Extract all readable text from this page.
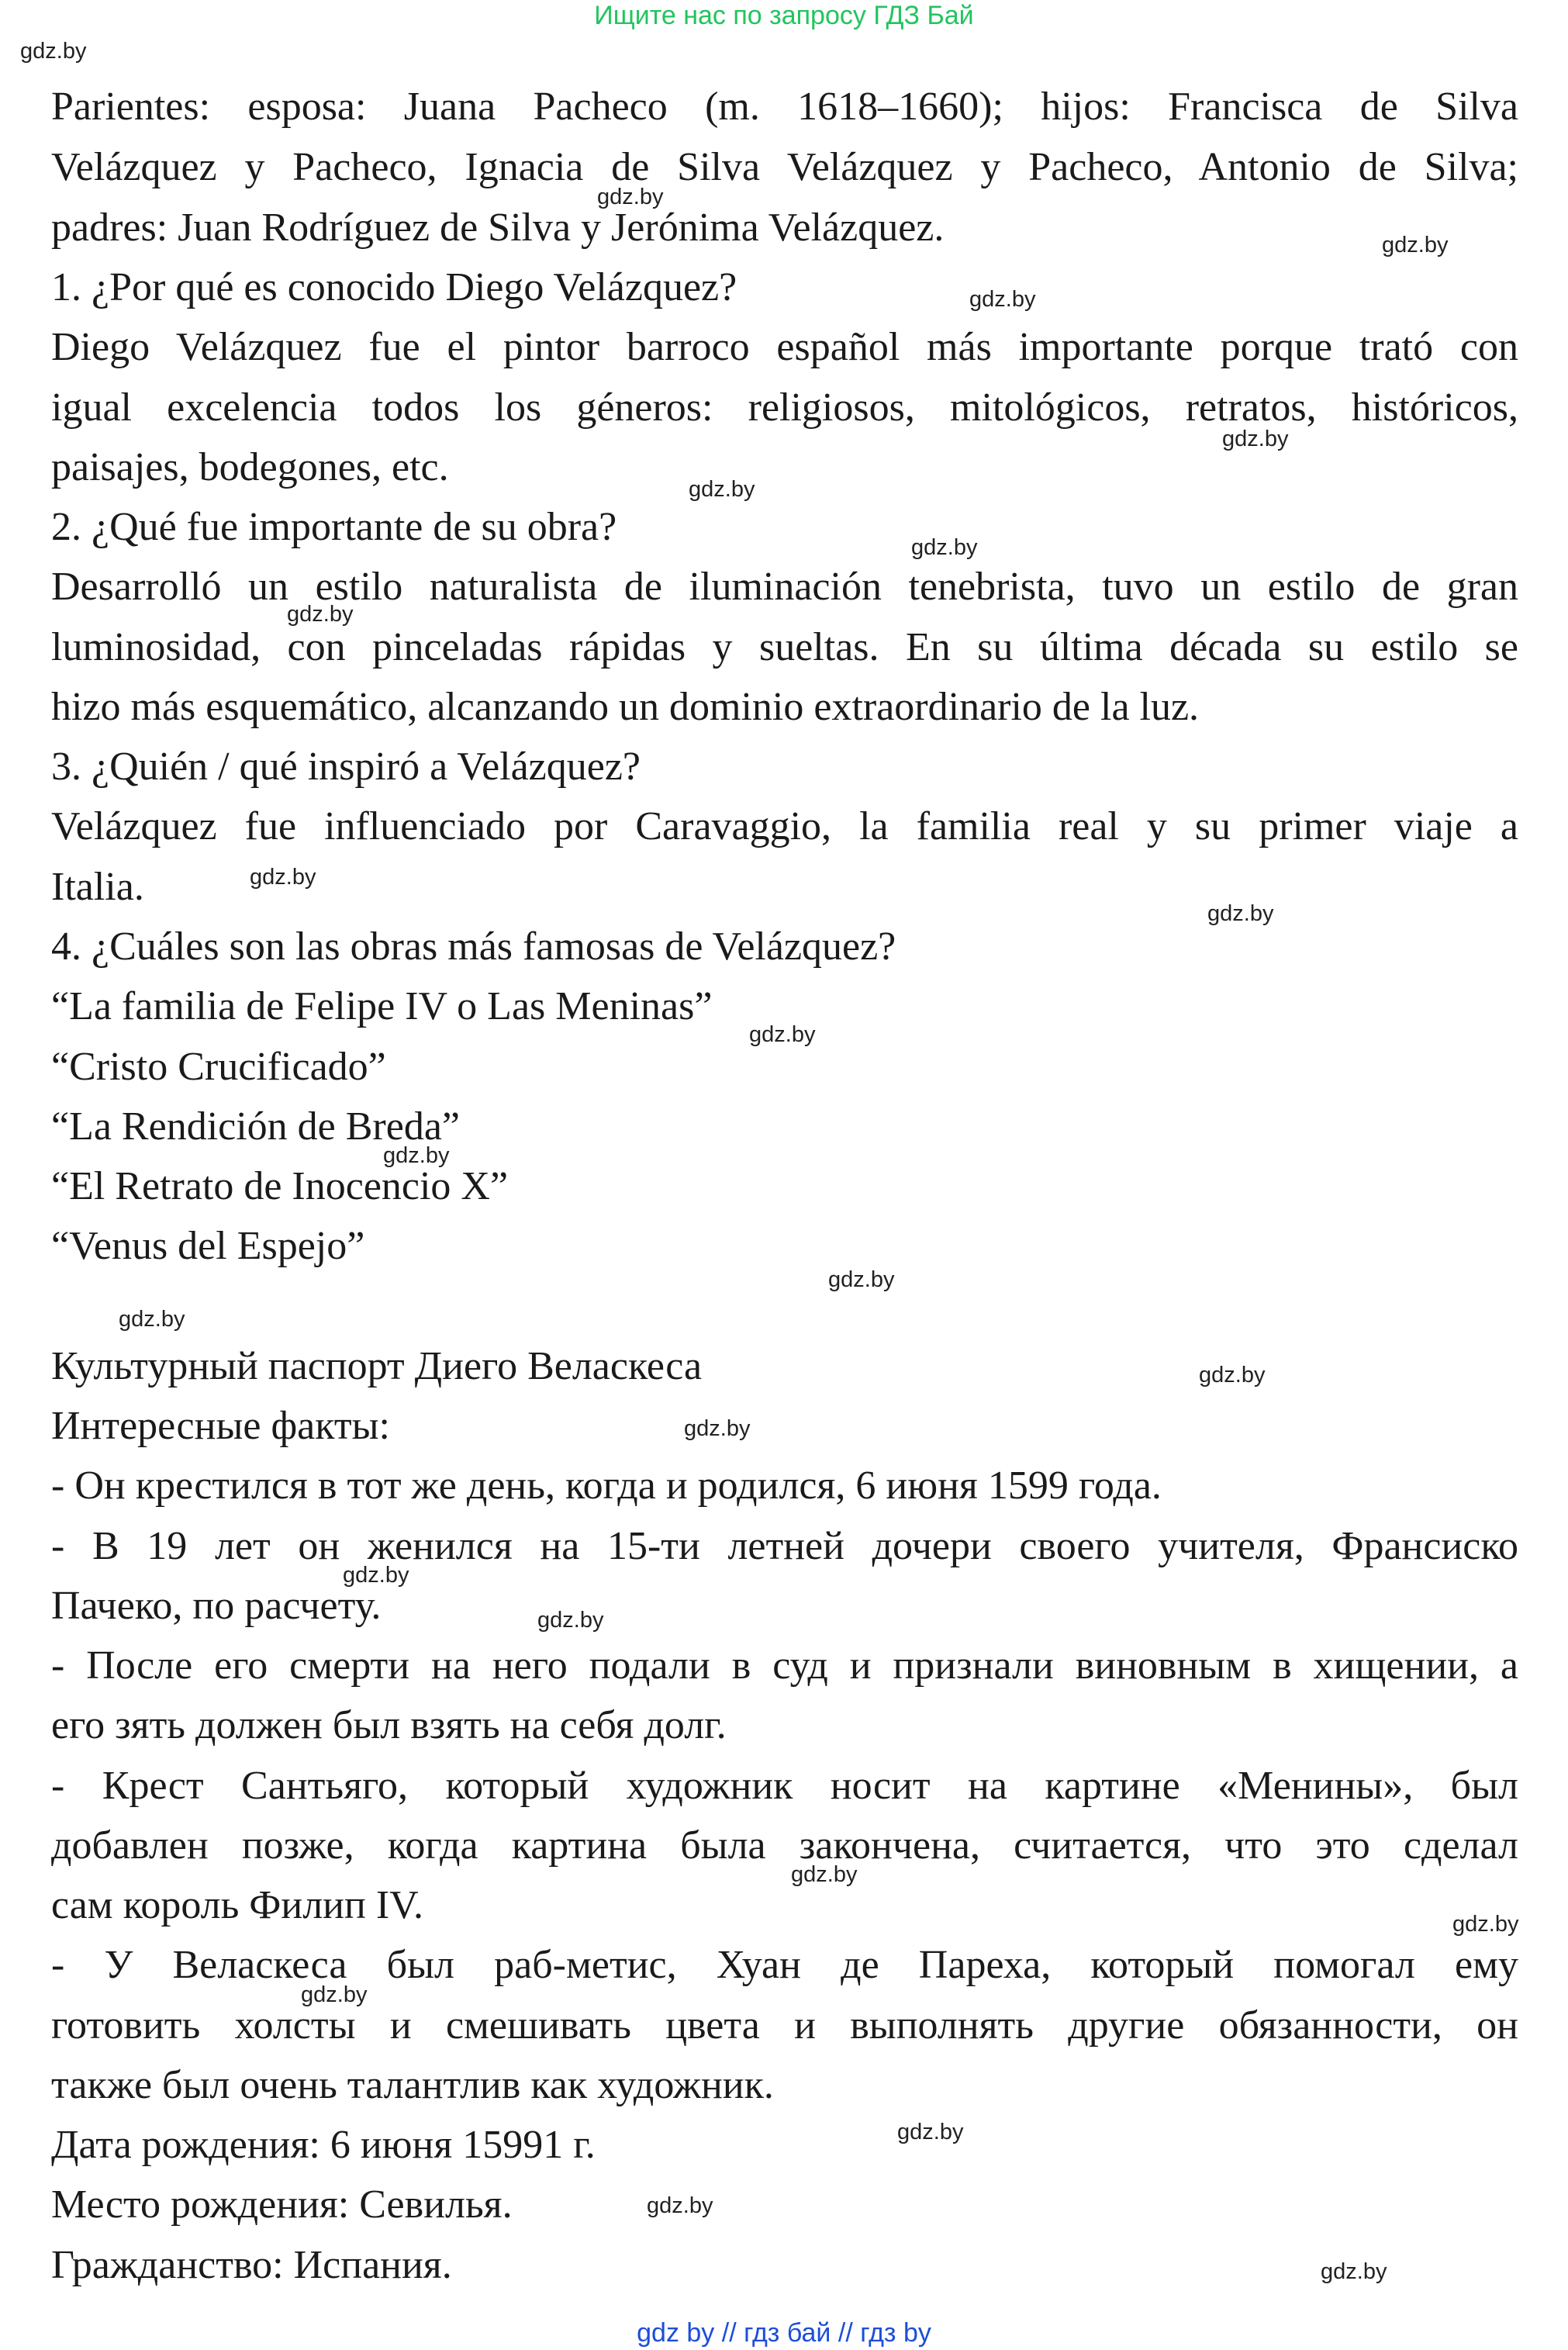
Ищите нас по запросу ГДЗ Бай
Parientes: esposa: Juana Pacheco (m. 1618–1660); hijos: Francisca de Silva
Velázquez y Pacheco, Ignacia de Silva Velázquez y Pacheco, Antonio de Silva;
padres: Juan Rodríguez de Silva y Jerónima Velázquez.
1. ¿Por qué es conocido Diego Velázquez?
Diego Velázquez fue el pintor barroco español más importante porque trató con
igual excelencia todos los géneros: religiosos, mitológicos, retratos, históricos,
paisajes, bodegones, etc.
2. ¿Qué fue importante de su obra?
Desarrolló un estilo naturalista de iluminación tenebrista, tuvo un estilo de gran
luminosidad, con pinceladas rápidas y sueltas. En su última década su estilo se
hizo más esquemático, alcanzando un dominio extraordinario de la luz.
3. ¿Quién / qué inspiró a Velázquez?
Velázquez fue influenciado por Caravaggio, la familia real y su primer viaje a
Italia.
4. ¿Cuáles son las obras más famosas de Velázquez?
“La familia de Felipe IV o Las Meninas”
“Cristo Crucificado”
“La Rendición de Breda”
“El Retrato de Inocencio X”
“Venus del Espejo”
Культурный паспорт Диего Веласкеса
Интересные факты:
- Он крестился в тот же день, когда и родился, 6 июня 1599 года.
- В 19 лет он женился на 15-ти летней дочери своего учителя, Франсиско
Пачеко, по расчету.
- После его смерти на него подали в суд и признали виновным в хищении, а
его зять должен был взять на себя долг.
- Крест Сантьяго, который художник носит на картине «Менины», был
добавлен позже, когда картина была закончена, считается, что это сделал
сам король Филип IV.
- У Веласкеса был раб-метис, Хуан де Пареха, который помогал ему
готовить холсты и смешивать цвета и выполнять другие обязанности, он
также был очень талантлив как художник.
Дата рождения: 6 июня 15991 г.
Место рождения: Севилья.
Гражданство: Испания.
gdz.by
gdz.by
gdz.by
gdz.by
gdz.by
gdz.by
gdz.by
gdz.by
gdz.by
gdz.by
gdz.by
gdz.by
gdz.by
gdz.by
gdz.by
gdz.by
gdz.by
gdz.by
gdz.by
gdz.by
gdz.by
gdz.by
gdz.by
gdz.by
gdz by // гдз бай // гдз by
